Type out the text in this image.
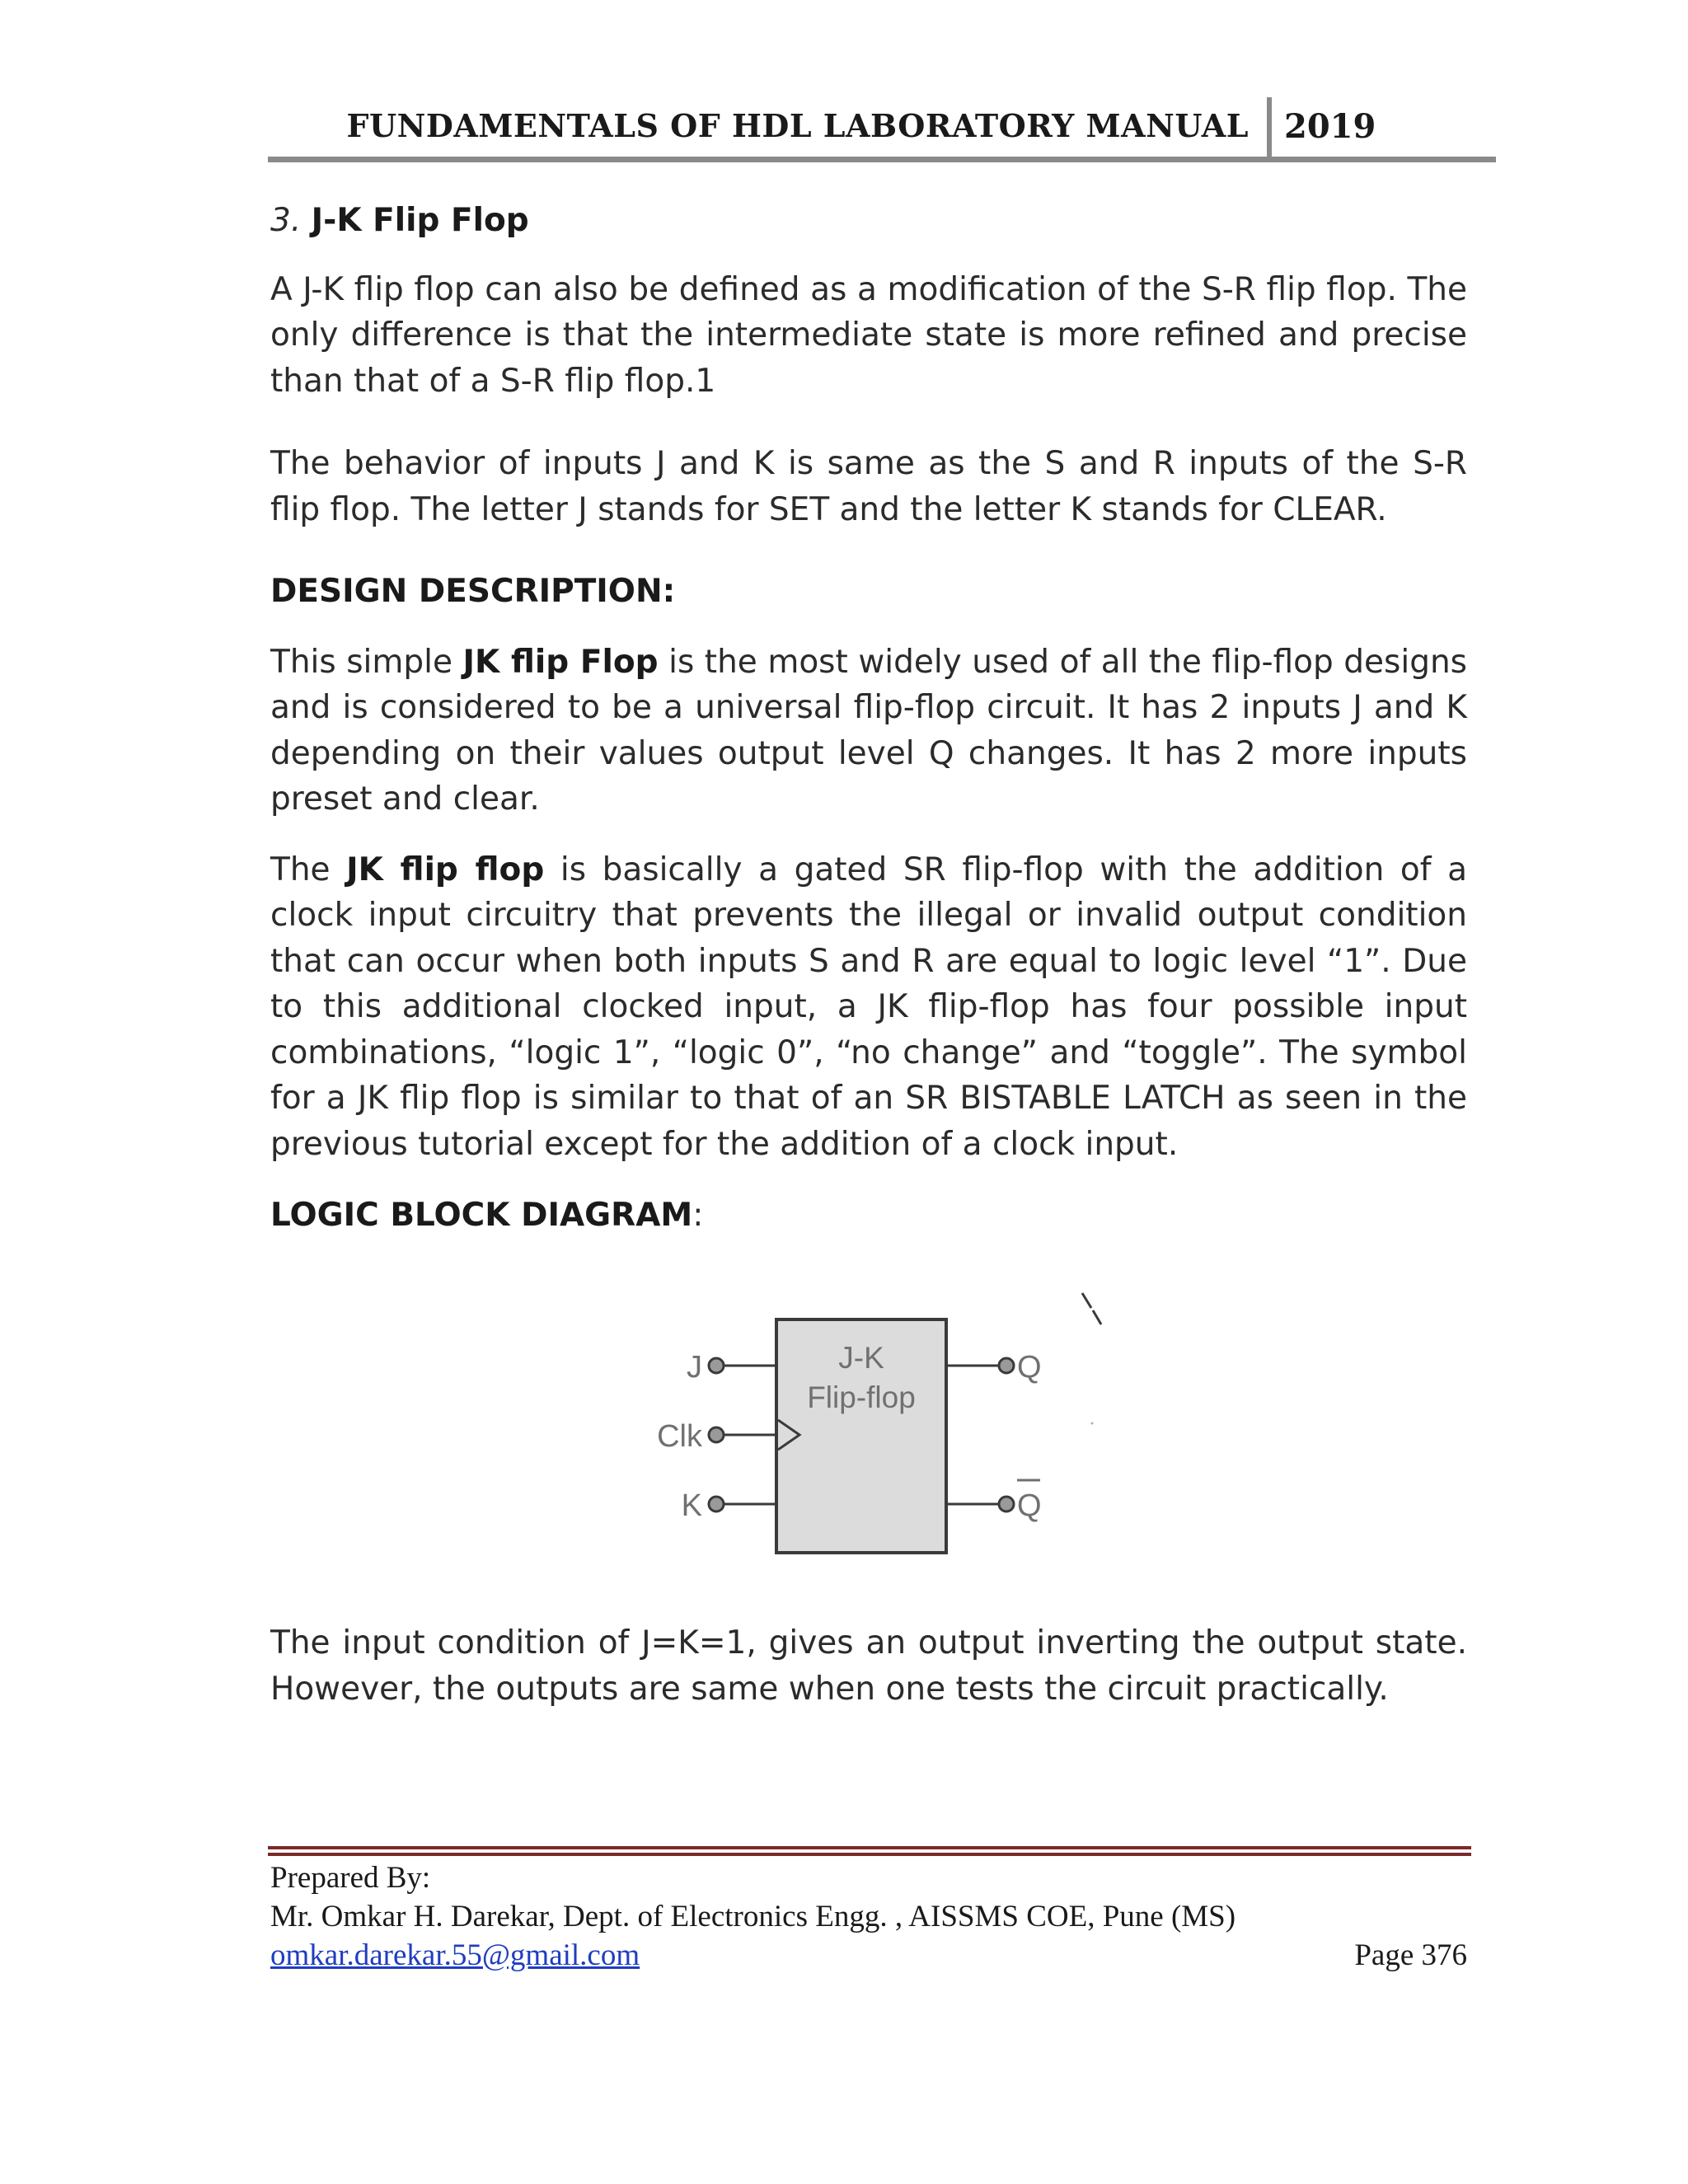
FUNDAMENTALS OF HDL LABORATORY MANUAL 2019

3. J-K Flip Flop

A J-K flip flop can also be defined as a modification of the S-R flip flop. The only difference is that the intermediate state is more refined and precise than that of a S-R flip flop.1

The behavior of inputs J and K is same as the S and R inputs of the S-R flip flop. The letter J stands for SET and the letter K stands for CLEAR.

DESIGN DESCRIPTION:

This simple JK flip Flop is the most widely used of all the flip-flop designs and is considered to be a universal flip-flop circuit. It has 2 inputs J and K depending on their values output level Q changes. It has 2 more inputs preset and clear.

The JK flip flop is basically a gated SR flip-flop with the addition of a clock input circuitry that prevents the illegal or invalid output condition that can occur when both inputs S and R are equal to logic level “1”. Due to this additional clocked input, a JK flip-flop has four possible input combinations, “logic 1”, “logic 0”, “no change” and “toggle”. The symbol for a JK flip flop is similar to that of an SR BISTABLE LATCH as seen in the previous tutorial except for the addition of a clock input.

LOGIC BLOCK DIAGRAM:

J-K
Flip-flop
J
Clk
K
Q
Q

The input condition of J=K=1, gives an output inverting the output state. However, the outputs are same when one tests the circuit practically.

Prepared By:
Mr. Omkar H. Darekar, Dept. of Electronics Engg. , AISSMS COE, Pune (MS)
omkar.darekar.55@gmail.com	Page 376
